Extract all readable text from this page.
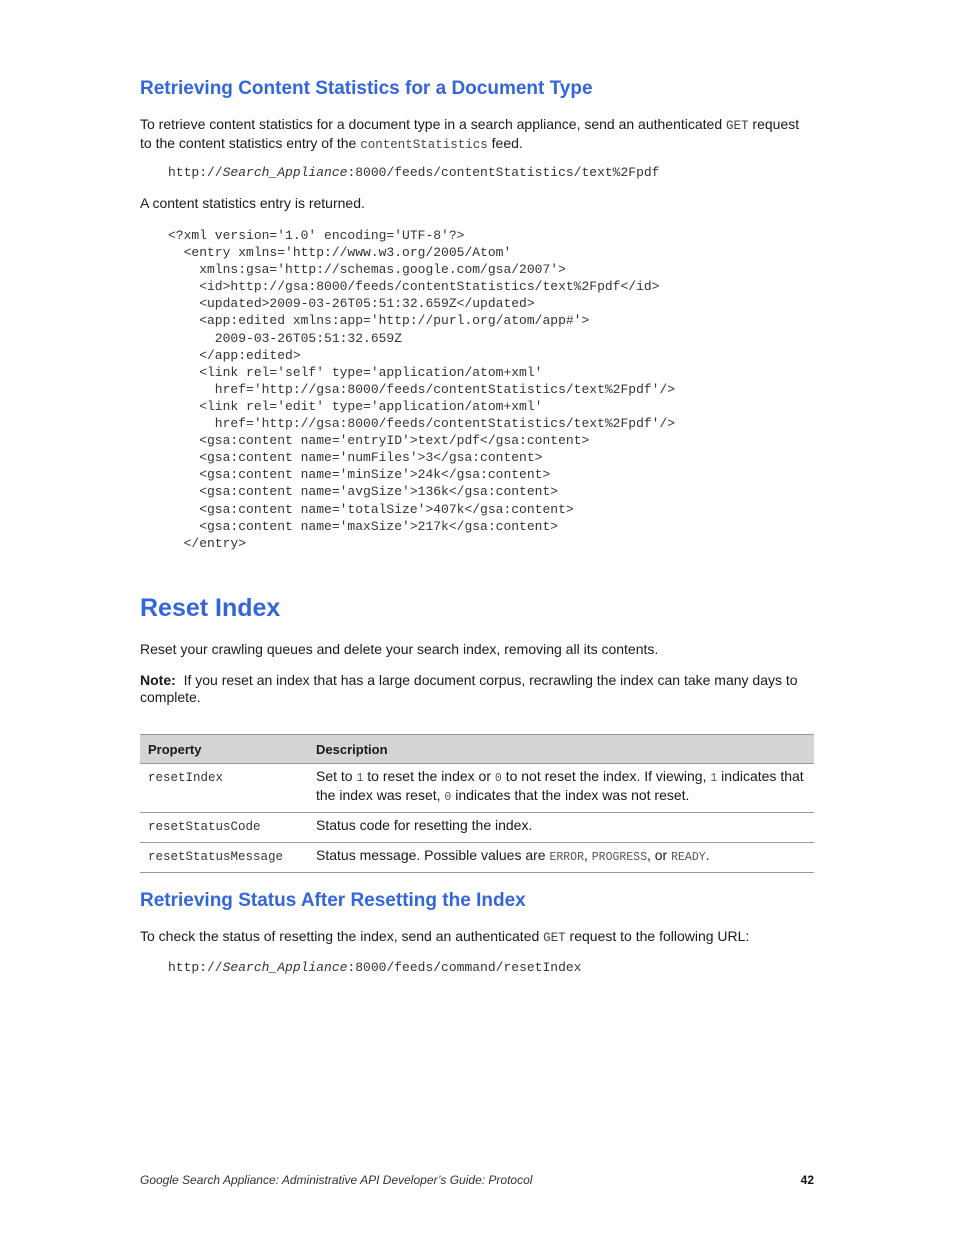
Retrieving Content Statistics for a Document Type

To retrieve content statistics for a document type in a search appliance, send an authenticated GET request to the content statistics entry of the contentStatistics feed.

http://Search_Appliance:8000/feeds/contentStatistics/text%2Fpdf

A content statistics entry is returned.

<?xml version='1.0' encoding='UTF-8'?>
<entry xmlns='http://www.w3.org/2005/Atom'
xmlns:gsa='http://schemas.google.com/gsa/2007'>
<id>http://gsa:8000/feeds/contentStatistics/text%2Fpdf</id>
<updated>2009-03-26T05:51:32.659Z</updated>
<app:edited xmlns:app='http://purl.org/atom/app#'>
2009-03-26T05:51:32.659Z
</app:edited>
<link rel='self' type='application/atom+xml'
href='http://gsa:8000/feeds/contentStatistics/text%2Fpdf'/>
<link rel='edit' type='application/atom+xml'
href='http://gsa:8000/feeds/contentStatistics/text%2Fpdf'/>
<gsa:content name='entryID'>text/pdf</gsa:content>
<gsa:content name='numFiles'>3</gsa:content>
<gsa:content name='minSize'>24k</gsa:content>
<gsa:content name='avgSize'>136k</gsa:content>
<gsa:content name='totalSize'>407k</gsa:content>
<gsa:content name='maxSize'>217k</gsa:content>
</entry>
Reset Index

Reset your crawling queues and delete your search index, removing all its contents.

Note: If you reset an index that has a large document corpus, recrawling the index can take many days to complete.

Property	Description
resetIndex	Set to 1 to reset the index or 0 to not reset the index. If viewing, 1 indicates that the index was reset, 0 indicates that the index was not reset.
resetStatusCode	Status code for resetting the index.
resetStatusMessage	Status message. Possible values are ERROR, PROGRESS, or READY.
Retrieving Status After Resetting the Index

To check the status of resetting the index, send an authenticated GET request to the following URL:

http://Search_Appliance:8000/feeds/command/resetIndex
Google Search Appliance: Administrative API Developer’s Guide: Protocol	42
